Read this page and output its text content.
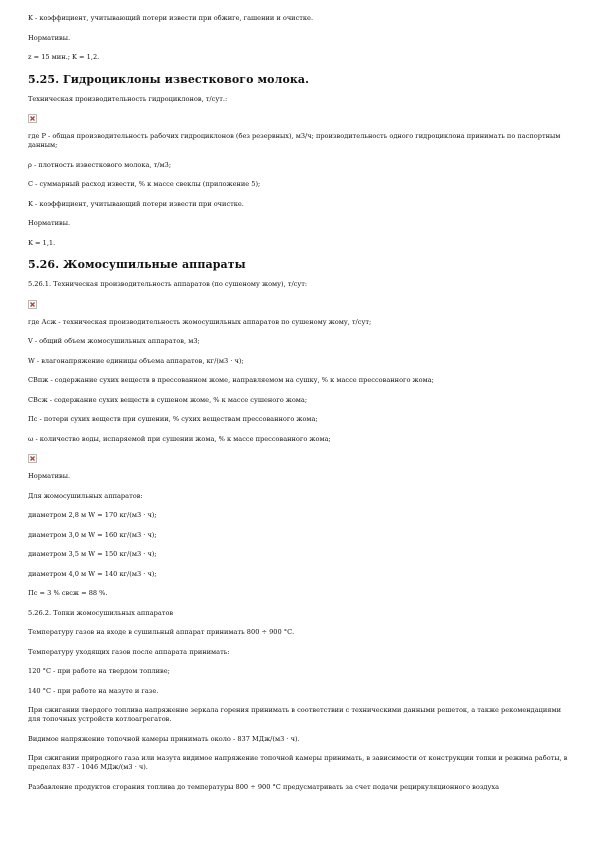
K - коэффициент, учитывающий потери извести при обжиге, гашении и очистке.

Нормативы.

z = 15 мин.; K = 1,2.

5.25. Гидроциклоны известкового молока.

Техническая производительность гидроциклонов, т/сут.:

где P - общая производительность рабочих гидроциклонов (без резервных), м3/ч; производительность одного гидроциклона принимать по паспортным данным;

ρ - плотность известкового молока, т/м3;

C - суммарный расход извести, % к массе свеклы (приложение 5);

K - коэффициент, учитывающий потери извести при очистке.

Нормативы.

K = 1,1.

5.26. Жомосушильные аппараты

5.26.1. Техническая производительность аппаратов (по сушеному жому), т/сут:

где Асж - техническая производительность жомосушильных аппаратов по сушеному жому, т/сут;

V - общий объем жомосушильных аппаратов, м3;

W - влагонапряжение единицы объема аппаратов, кг/(м3 · ч);

CВпж - содержание сухих веществ в прессованном жоме, направляемом на сушку, % к массе прессованного жома;

CВсж - содержание сухих веществ в сушеном жоме, % к массе сушеного жома;

Пс - потери сухих веществ при сушении, % сухих веществам прессованного жома;

ω - количество воды, испаряемой при сушении жома, % к массе прессованного жома;

Нормативы.

Для жомосушильных аппаратов:

диаметром 2,8 м W = 170 кг/(м3 · ч);

диаметром 3,0 м W = 160 кг/(м3 · ч);

диаметром 3,5 м W = 150 кг/(м3 · ч);

диаметром 4,0 м W = 140 кг/(м3 · ч);

Пс = 3 % свсж = 88 %.

5.26.2. Топки жомосушильных аппаратов

Температуру газов на входе в сушильный аппарат принимать 800 ÷ 900 °С.

Температуру уходящих газов после аппарата принимать:

120 °С - при работе на твердом топливе;

140 °С - при работе на мазуте и газе.

При сжигании твердого топлива напряжение зеркала горения принимать в соответствии с техническими данными решеток, а также рекомендациями для топочных устройств котлоагрегатов.

Видимое напряжение топочной камеры принимать около - 837 МДж/(м3 · ч).

При сжигании природного газа или мазута видимое напряжение топочной камеры принимать, в зависимости от конструкции топки и режима работы, в пределах 837 - 1046 МДж/(м3 · ч).

Разбавление продуктов сгорания топлива до температуры 800 ÷ 900 °С предусматривать за счет подачи рециркуляционного воздуха
